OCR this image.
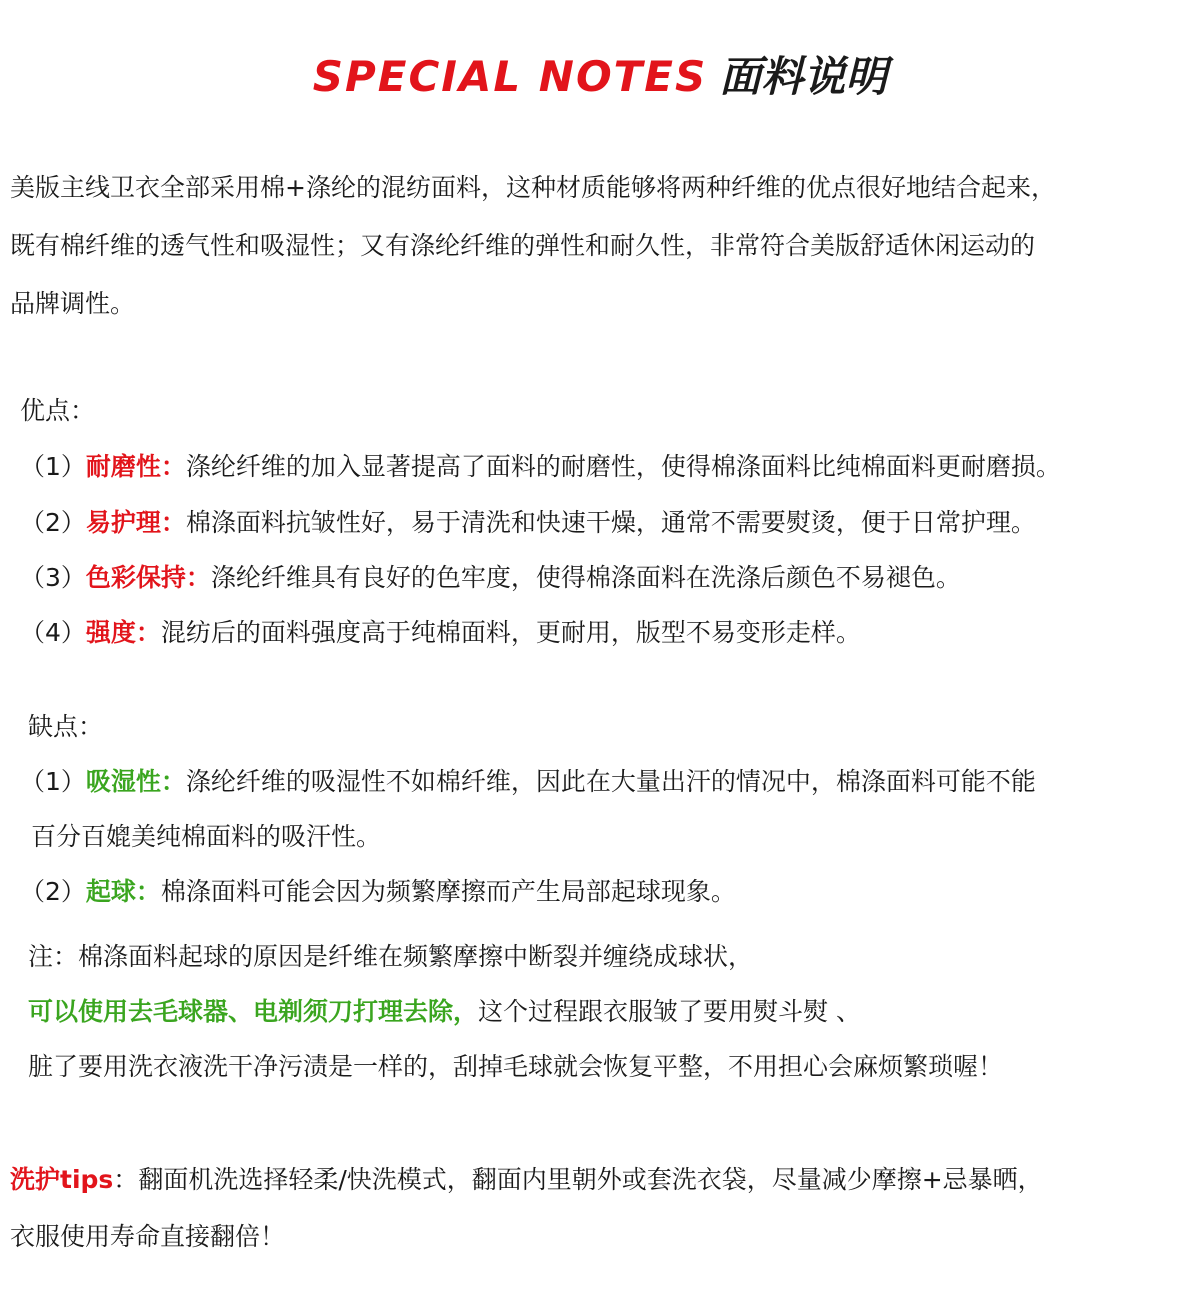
SPECIAL NOTES 面料说明
美版主线卫衣全部采用棉+涤纶的混纺面料，这种材质能够将两种纤维的优点很好地结合起来，
既有棉纤维的透气性和吸湿性；又有涤纶纤维的弹性和耐久性，非常符合美版舒适休闲运动的
品牌调性。
优点：
（1）耐磨性：涤纶纤维的加入显著提高了面料的耐磨性，使得棉涤面料比纯棉面料更耐磨损。
（2）易护理：棉涤面料抗皱性好，易于清洗和快速干燥，通常不需要熨烫，便于日常护理。
（3）色彩保持：涤纶纤维具有良好的色牢度，使得棉涤面料在洗涤后颜色不易褪色。
（4）强度：混纺后的面料强度高于纯棉面料，更耐用，版型不易变形走样。
缺点：
（1）吸湿性：涤纶纤维的吸湿性不如棉纤维，因此在大量出汗的情况中，棉涤面料可能不能
百分百媲美纯棉面料的吸汗性。
（2）起球：棉涤面料可能会因为频繁摩擦而产生局部起球现象。
注：棉涤面料起球的原因是纤维在频繁摩擦中断裂并缠绕成球状，
可以使用去毛球器、电剃须刀打理去除，这个过程跟衣服皱了要用熨斗熨 、
脏了要用洗衣液洗干净污渍是一样的，刮掉毛球就会恢复平整，不用担心会麻烦繁琐喔！
洗护tips：翻面机洗选择轻柔/快洗模式，翻面内里朝外或套洗衣袋，尽量减少摩擦+忌暴晒，
衣服使用寿命直接翻倍！
